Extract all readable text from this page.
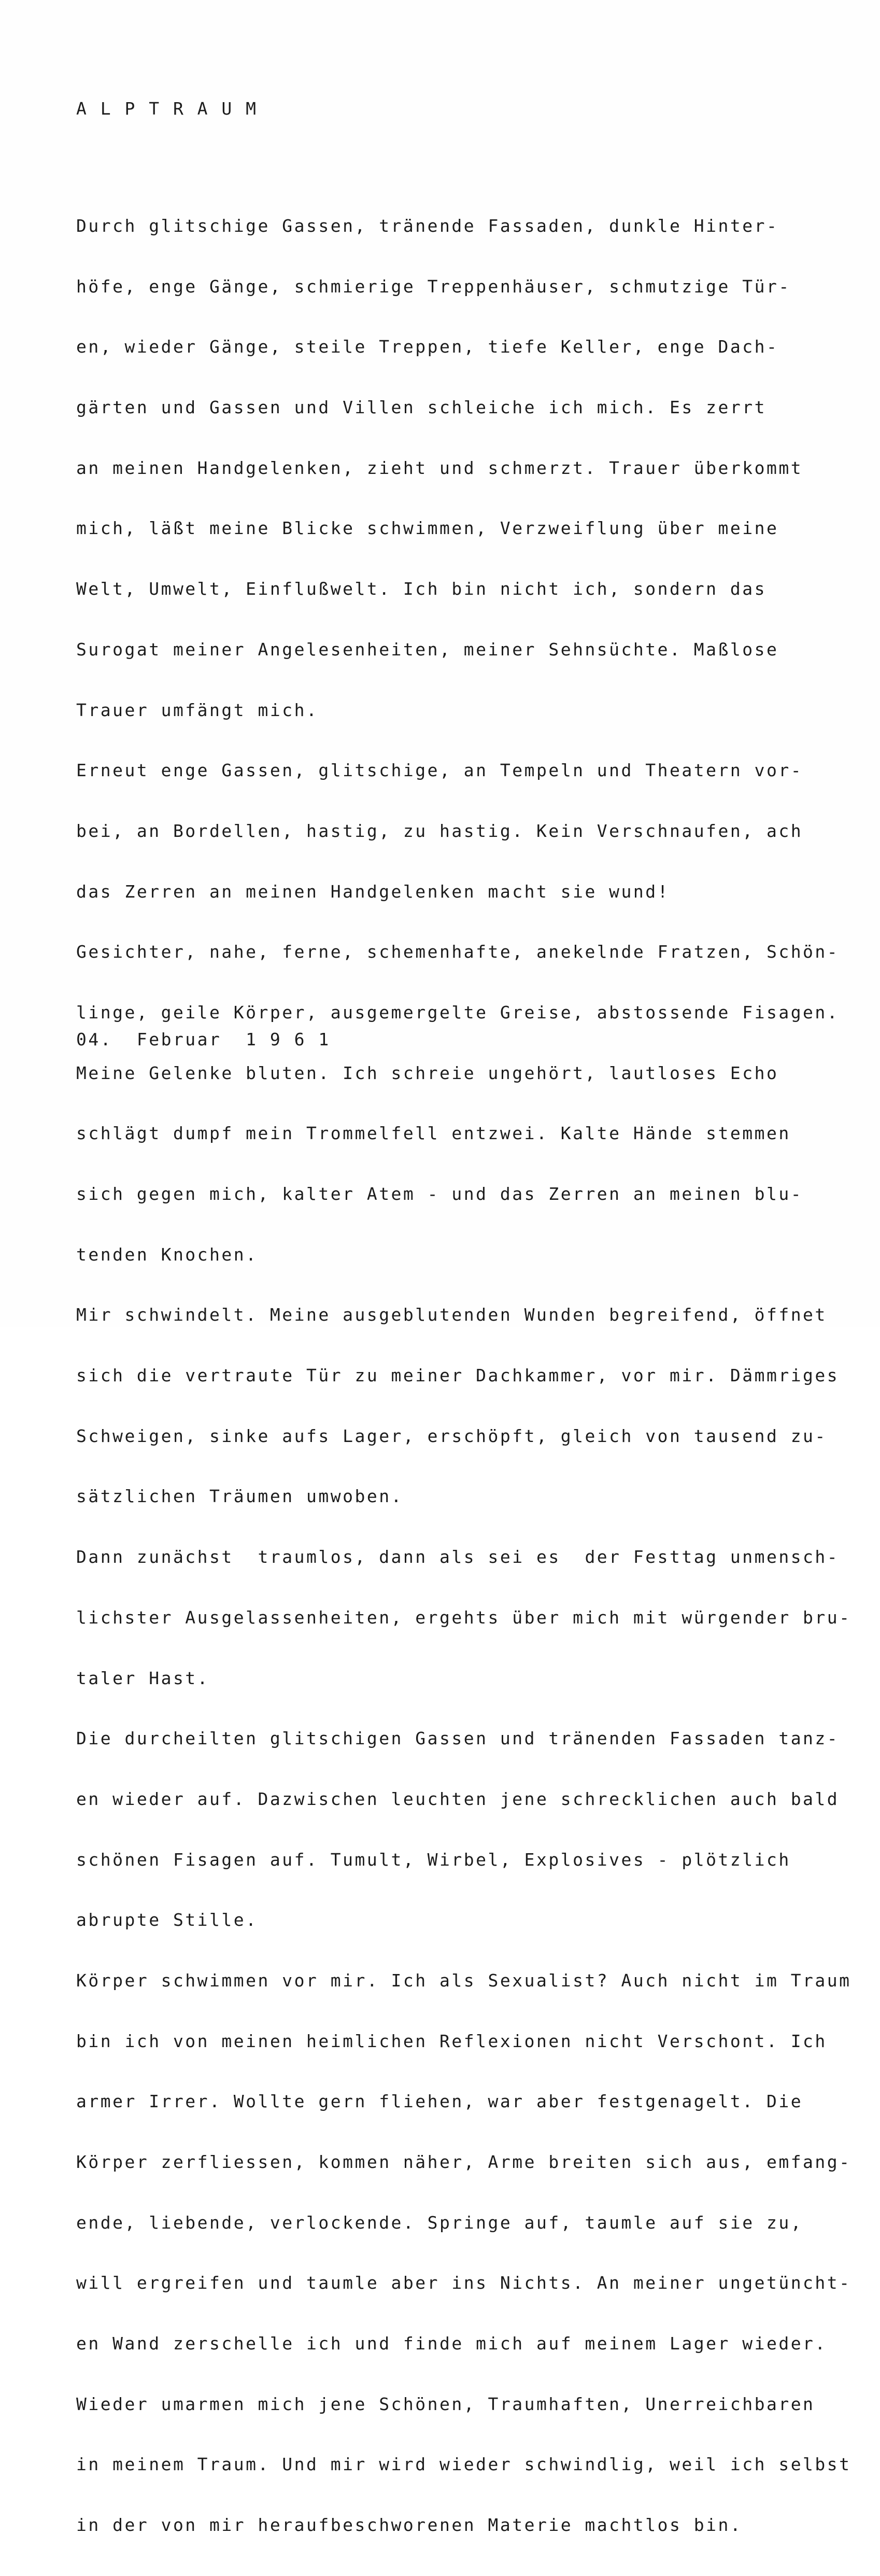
A L P T R A U M

Durch glitschige Gassen, tränende Fassaden, dunkle Hinter-

höfe, enge Gänge, schmierige Treppenhäuser, schmutzige Tür-

en, wieder Gänge, steile Treppen, tiefe Keller, enge Dach-

gärten und Gassen und Villen schleiche ich mich. Es zerrt

an meinen Handgelenken, zieht und schmerzt. Trauer überkommt

mich, läßt meine Blicke schwimmen, Verzweiflung über meine

Welt, Umwelt, Einflußwelt. Ich bin nicht ich, sondern das

Surogat meiner Angelesenheiten, meiner Sehnsüchte. Maßlose

Trauer umfängt mich.

Erneut enge Gassen, glitschige, an Tempeln und Theatern vor-

bei, an Bordellen, hastig, zu hastig. Kein Verschnaufen, ach

das Zerren an meinen Handgelenken macht sie wund!

Gesichter, nahe, ferne, schemenhafte, anekelnde Fratzen, Schön-

linge, geile Körper, ausgemergelte Greise, abstossende Fisagen.

Meine Gelenke bluten. Ich schreie ungehört, lautloses Echo

schlägt dumpf mein Trommelfell entzwei. Kalte Hände stemmen

sich gegen mich, kalter Atem - und das Zerren an meinen blu-

tenden Knochen.

Mir schwindelt. Meine ausgeblutenden Wunden begreifend, öffnet

sich die vertraute Tür zu meiner Dachkammer, vor mir. Dämmriges

Schweigen, sinke aufs Lager, erschöpft, gleich von tausend zu-

sätzlichen Träumen umwoben.

Dann zunächst  traumlos, dann als sei es  der Festtag unmensch-

lichster Ausgelassenheiten, ergehts über mich mit würgender bru-

taler Hast.

Die durcheilten glitschigen Gassen und tränenden Fassaden tanz-

en wieder auf. Dazwischen leuchten jene schrecklichen auch bald

schönen Fisagen auf. Tumult, Wirbel, Explosives - plötzlich

abrupte Stille.

Körper schwimmen vor mir. Ich als Sexualist? Auch nicht im Traum

bin ich von meinen heimlichen Reflexionen nicht Verschont. Ich

armer Irrer. Wollte gern fliehen, war aber festgenagelt. Die

Körper zerfliessen, kommen näher, Arme breiten sich aus, emfang-

ende, liebende, verlockende. Springe auf, taumle auf sie zu,

will ergreifen und taumle aber ins Nichts. An meiner ungetüncht-

en Wand zerschelle ich und finde mich auf meinem Lager wieder.

Wieder umarmen mich jene Schönen, Traumhaften, Unerreichbaren

in meinem Traum. Und mir wird wieder schwindlig, weil ich selbst

in der von mir heraufbeschworenen Materie machtlos bin.

04.  Februar  1 9 6 1
